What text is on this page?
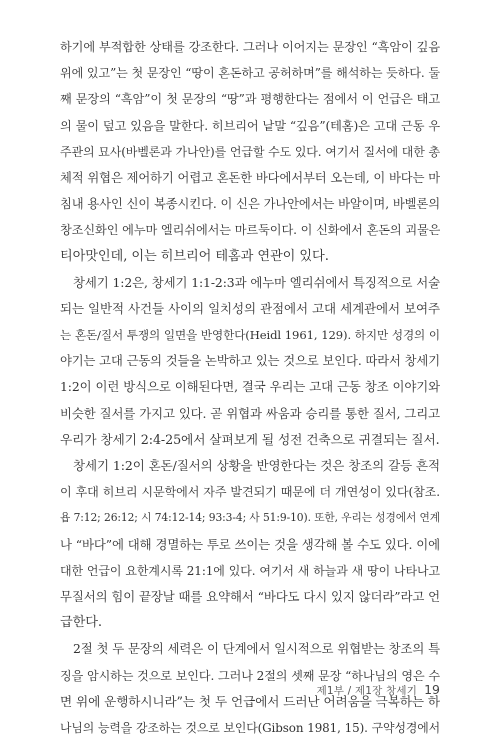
하기에 부적합한 상태를 강조한다. 그러나 이어지는 문장인 “흑암이 깊음
위에 있고”는 첫 문장인 “땅이 혼돈하고 공허하며”를 해석하는 듯하다. 둘
째 문장의 “흑암”이 첫 문장의 “땅”과 평행한다는 점에서 이 언급은 태고
의 물이 덮고 있음을 말한다. 히브리어 낱말 “깊음”(테홈)은 고대 근동 우
주관의 묘사(바벨론과 가나안)를 언급할 수도 있다. 여기서 질서에 대한 총
체적 위협은 제어하기 어렵고 혼돈한 바다에서부터 오는데, 이 바다는 마
침내 용사인 신이 복종시킨다. 이 신은 가나안에서는 바알이며, 바벨론의
창조신화인 에누마 엘리쉬에서는 마르둑이다. 이 신화에서 혼돈의 괴물은
티아맛인데, 이는 히브리어 테홈과 연관이 있다.
창세기 1:2은, 창세기 1:1-2:3과 에누마 엘리쉬에서 특징적으로 서술
되는 일반적 사건들 사이의 일치성의 관점에서 고대 세계관에서 보여주
는 혼돈/질서 투쟁의 일면을 반영한다(Heidl 1961, 129). 하지만 성경의 이
야기는 고대 근동의 것들을 논박하고 있는 것으로 보인다. 따라서 창세기
1:2이 이런 방식으로 이해된다면, 결국 우리는 고대 근동 창조 이야기와
비슷한 질서를 가지고 있다. 곧 위협과 싸움과 승리를 통한 질서, 그리고
우리가 창세기 2:4-25에서 살펴보게 될 성전 건축으로 귀결되는 질서.
창세기 1:2이 혼돈/질서의 상황을 반영한다는 것은 창조의 갈등 흔적
이 후대 히브리 시문학에서 자주 발견되기 때문에 더 개연성이 있다(참조.
욥 7:12; 26:12; 시 74:12-14; 93:3-4; 사 51:9-10). 또한, 우리는 성경에서 연계
나 “바다”에 대해 경멸하는 투로 쓰이는 것을 생각해 볼 수도 있다. 이에
대한 언급이 요한계시록 21:1에 있다. 여기서 새 하늘과 새 땅이 나타나고
무질서의 힘이 끝장날 때를 요약해서 “바다도 다시 있지 않더라”라고 언
급한다.
2절 첫 두 문장의 세력은 이 단계에서 일시적으로 위협받는 창조의 특
징을 암시하는 것으로 보인다. 그러나 2절의 셋째 문장 “하나님의 영은 수
면 위에 운행하시니라”는 첫 두 언급에서 드러난 어려움을 극복하는 하
나님의 능력을 강조하는 것으로 보인다(Gibson 1981, 15). 구약성경에서
제1부 / 제1장 창세기 19
